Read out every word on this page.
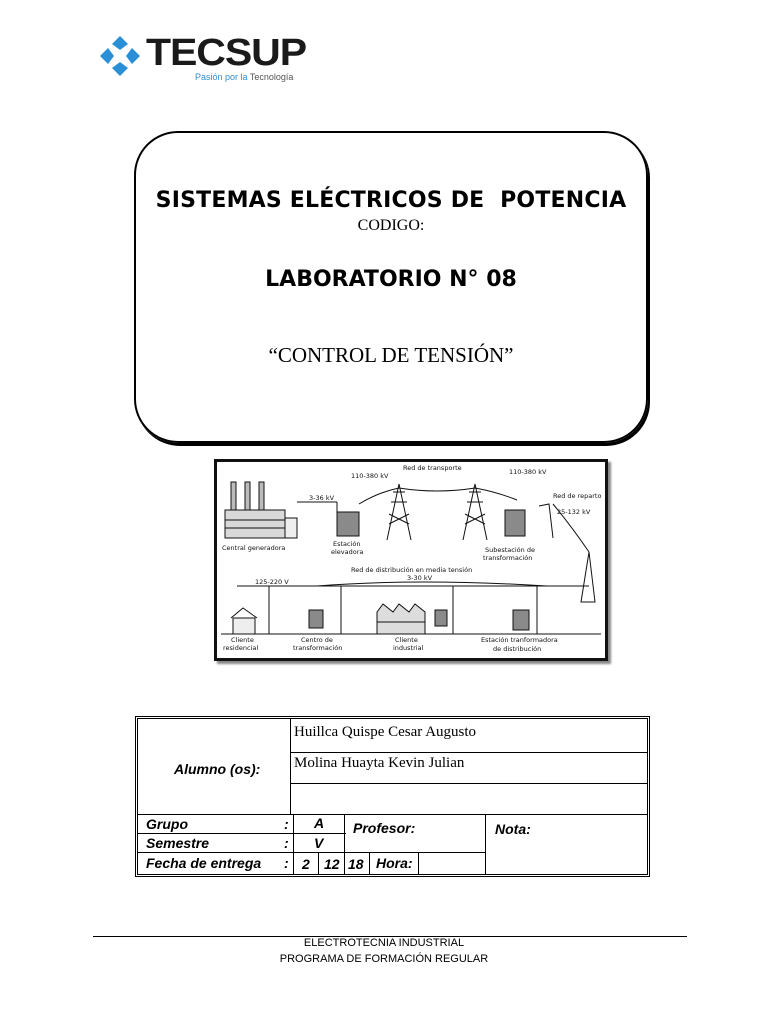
TECSUP
Pasión por la Tecnología
SISTEMAS ELÉCTRICOS DE  POTENCIA
CODIGO:
LABORATORIO N° 08
“CONTROL DE TENSIÓN”
Red de transporte
110-380 kV	110-380 kV
Red de reparto
25-132 kV
3-36 kV
Central generadora	Estación
elevadora	Subestación de
transformación
Red de distribución en media tensión
3-30 kV
125-220 V
Cliente
residencial
Centro de
transformación
Cliente
industrial
Estación tranformadora
de distribución
Alumno (os):
Huillca Quispe Cesar Augusto
Molina Huayta Kevin Julian
Grupo	: A
Semestre	: V
Fecha de entrega : 2 12 18 Hora:
Profesor:	Nota:
ELECTROTECNIA INDUSTRIAL
PROGRAMA DE FORMACIÓN REGULAR
